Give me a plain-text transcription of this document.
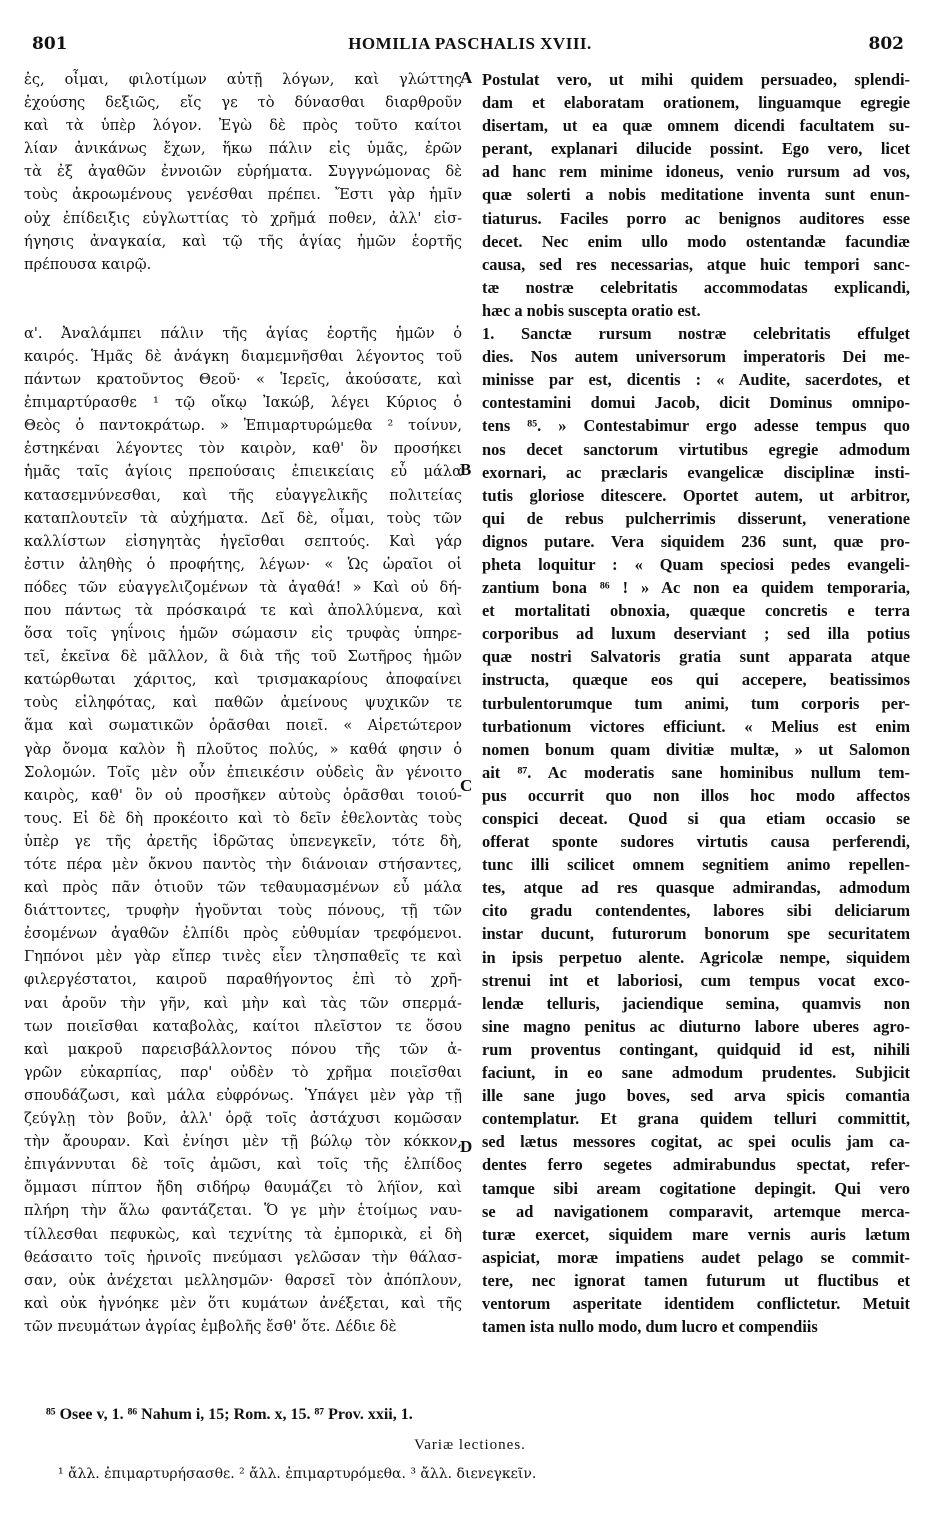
801	HOMILIA PASCHALIS XVIII.	802
A
B
C
D
ἐς, οἶμαι, φιλοτίμων αὐτῇ λόγων, καὶ γλώττης
ἐχούσης δεξιῶς, εἴς γε τὸ δύνασθαι διαρθροῦν
καὶ τὰ ὑπὲρ λόγον. Ἐγὼ δὲ πρὸς τοῦτο καίτοι
λίαν ἀνικάνως ἔχων, ἥκω πάλιν εἰς ὑμᾶς, ἐρῶν
τὰ ἐξ ἀγαθῶν ἐννοιῶν εὑρήματα. Συγγνώμονας δὲ
τοὺς ἀκροωμένους γενέσθαι πρέπει. Ἔστι γὰρ ἡμῖν
οὐχ ἐπίδειξις εὐγλωττίας τὸ χρῆμά ποθεν, ἀλλ' εἰσ-
ήγησις ἀναγκαία, καὶ τῷ τῆς ἁγίας ἡμῶν ἑορτῆς
πρέπουσα καιρῷ.
α'. Ἀναλάμπει πάλιν τῆς ἁγίας ἑορτῆς ἡμῶν ὁ
καιρός. Ἡμᾶς δὲ ἀνάγκη διαμεμνῆσθαι λέγοντος τοῦ
πάντων κρατοῦντος Θεοῦ· « Ἱερεῖς, ἀκούσατε, καὶ
ἐπιμαρτύρασθε ¹ τῷ οἴκῳ Ἰακώβ, λέγει Κύριος ὁ
Θεὸς ὁ παντοκράτωρ. » Ἐπιμαρτυρώμεθα ² τοίνυν,
ἐστηκέναι λέγοντες τὸν καιρὸν, καθ' ὃν προσήκει
ἡμᾶς ταῖς ἁγίοις πρεπούσαις ἐπιεικείαις εὖ μάλα
κατασεμνύνεσθαι, καὶ τῆς εὐαγγελικῆς πολιτείας
καταπλουτεῖν τὰ αὐχήματα. Δεῖ δὲ, οἶμαι, τοὺς τῶν
καλλίστων εἰσηγητὰς ἡγεῖσθαι σεπτούς. Καὶ γάρ
ἐστιν ἀληθὴς ὁ προφήτης, λέγων· « Ὡς ὡραῖοι οἱ
πόδες τῶν εὐαγγελιζομένων τὰ ἀγαθά! » Καὶ οὐ δή-
που πάντως τὰ πρόσκαιρά τε καὶ ἀπολλύμενα, καὶ
ὅσα τοῖς γηΐνοις ἡμῶν σώμασιν εἰς τρυφὰς ὑπηρε-
τεῖ, ἐκεῖνα δὲ μᾶλλον, ἃ διὰ τῆς τοῦ Σωτῆρος ἡμῶν
κατώρθωται χάριτος, καὶ τρισμακαρίους ἀποφαίνει
τοὺς εἰληφότας, καὶ παθῶν ἀμείνους ψυχικῶν τε
ἅμα καὶ σωματικῶν ὁρᾶσθαι ποιεῖ. « Αἱρετώτερον
γὰρ ὄνομα καλὸν ἢ πλοῦτος πολύς, » καθά φησιν ὁ
Σολομών. Τοῖς μὲν οὖν ἐπιεικέσιν οὐδεὶς ἂν γένοιτο
καιρὸς, καθ' ὃν οὐ προσῆκεν αὐτοὺς ὁρᾶσθαι τοιού-
τους. Εἰ δὲ δὴ προκέοιτο καὶ τὸ δεῖν ἐθελοντὰς τοὺς
ὑπὲρ γε τῆς ἀρετῆς ἱδρῶτας ὑπενεγκεῖν, τότε δὴ,
τότε πέρα μὲν ὄκνου παντὸς τὴν διάνοιαν στήσαντες,
καὶ πρὸς πᾶν ὁτιοῦν τῶν τεθαυμασμένων εὖ μάλα
διάττοντες, τρυφὴν ἡγοῦνται τοὺς πόνους, τῇ τῶν
ἐσομένων ἀγαθῶν ἐλπίδι πρὸς εὐθυμίαν τρεφόμενοι.
Γηπόνοι μὲν γὰρ εἴπερ τινὲς εἶεν τλησπαθεῖς τε καὶ
φιλεργέστατοι, καιροῦ παραθήγοντος ἐπὶ τὸ χρῆ-
ναι ἀροῦν τὴν γῆν, καὶ μὴν καὶ τὰς τῶν σπερμά-
των ποιεῖσθαι καταβολὰς, καίτοι πλεῖστον τε ὅσου
καὶ μακροῦ παρεισβάλλοντος πόνου τῆς τῶν ἀ-
γρῶν εὐκαρπίας, παρ' οὐδὲν τὸ χρῆμα ποιεῖσθαι
σπουδάζωσι, καὶ μάλα εὐφρόνως. Ὑπάγει μὲν γὰρ τῇ
ζεύγλῃ τὸν βοῦν, ἀλλ' ὁρᾷ τοῖς ἀστάχυσι κομῶσαν
τὴν ἄρουραν. Καὶ ἐνίησι μὲν τῇ βώλῳ τὸν κόκκον,
ἐπιγάννυται δὲ τοῖς ἀμῶσι, καὶ τοῖς τῆς ἐλπίδος
ὄμμασι πίπτον ἤδη σιδήρῳ θαυμάζει τὸ λήϊον, καὶ
πλήρη τὴν ἅλω φαντάζεται. Ὅ γε μὴν ἑτοίμως ναυ-
τίλλεσθαι πεφυκὼς, καὶ τεχνίτης τὰ ἐμπορικὰ, εἰ δὴ
θεάσαιτο τοῖς ἠρινοῖς πνεύμασι γελῶσαν τὴν θάλασ-
σαν, οὐκ ἀνέχεται μελλησμῶν· θαρσεῖ τὸν ἀπόπλουν,
καὶ οὐκ ἠγνόηκε μὲν ὅτι κυμάτων ἀνέξεται, καὶ τῆς
τῶν πνευμάτων ἀγρίας ἐμβολῆς ἔσθ' ὅτε. Δέδιε δὲ
Postulat vero, ut mihi quidem persuadeo, splendi-
dam et elaboratam orationem, linguamque egregie
disertam, ut ea quæ omnem dicendi facultatem su-
perant, explanari dilucide possint. Ego vero, licet
ad hanc rem minime idoneus, venio rursum ad vos,
quæ solerti a nobis meditatione inventa sunt enun-
tiaturus. Faciles porro ac benignos auditores esse
decet. Nec enim ullo modo ostentandæ facundiæ
causa, sed res necessarias, atque huic tempori sanc-
tæ nostræ celebritatis accommodatas explicandi,
hæc a nobis suscepta oratio est.
1. Sanctæ rursum nostræ celebritatis effulget
dies. Nos autem universorum imperatoris Dei me-
minisse par est, dicentis : « Audite, sacerdotes, et
contestamini domui Jacob, dicit Dominus omnipo-
tens ⁸⁵. » Contestabimur ergo adesse tempus quo
nos decet sanctorum virtutibus egregie admodum
exornari, ac præclaris evangelicæ disciplinæ insti-
tutis gloriose ditescere. Oportet autem, ut arbitror,
qui de rebus pulcherrimis disserunt, veneratione
dignos putare. Vera siquidem 236 sunt, quæ pro-
pheta loquitur : « Quam speciosi pedes evangeli-
zantium bona ⁸⁶ ! » Ac non ea quidem temporaria,
et mortalitati obnoxia, quæque concretis e terra
corporibus ad luxum deserviant ; sed illa potius
quæ nostri Salvatoris gratia sunt apparata atque
instructa, quæque eos qui accepere, beatissimos
turbulentorumque tum animi, tum corporis per-
turbationum victores efficiunt. « Melius est enim
nomen bonum quam divitiæ multæ, » ut Salomon
ait ⁸⁷. Ac moderatis sane hominibus nullum tem-
pus occurrit quo non illos hoc modo affectos
conspici deceat. Quod si qua etiam occasio se
offerat sponte sudores virtutis causa perferendi,
tunc illi scilicet omnem segnitiem animo repellen-
tes, atque ad res quasque admirandas, admodum
cito gradu contendentes, labores sibi deliciarum
instar ducunt, futurorum bonorum spe securitatem
in ipsis perpetuo alente. Agricolæ nempe, siquidem
strenui int et laboriosi, cum tempus vocat exco-
lendæ telluris, jaciendique semina, quamvis non
sine magno penitus ac diuturno labore uberes agro-
rum proventus contingant, quidquid id est, nihili
faciunt, in eo sane admodum prudentes. Subjicit
ille sane jugo boves, sed arva spicis comantia
contemplatur. Et grana quidem telluri committit,
sed lætus messores cogitat, ac spei oculis jam ca-
dentes ferro segetes admirabundus spectat, refer-
tamque sibi aream cogitatione depingit. Qui vero
se ad navigationem comparavit, artemque merca-
turæ exercet, siquidem mare vernis auris lætum
aspiciat, moræ impatiens audet pelago se commit-
tere, nec ignorat tamen futurum ut fluctibus et
ventorum asperitate identidem conflictetur. Metuit
tamen ista nullo modo, dum lucro et compendiis
⁸⁵ Osee v, 1. ⁸⁶ Nahum i, 15; Rom. x, 15. ⁸⁷ Prov. xxii, 1.
Variæ lectiones.
¹ ἄλλ. ἐπιμαρτυρήσασθε. ² ἄλλ. ἐπιμαρτυρόμεθα. ³ ἄλλ. διενεγκεῖν.
